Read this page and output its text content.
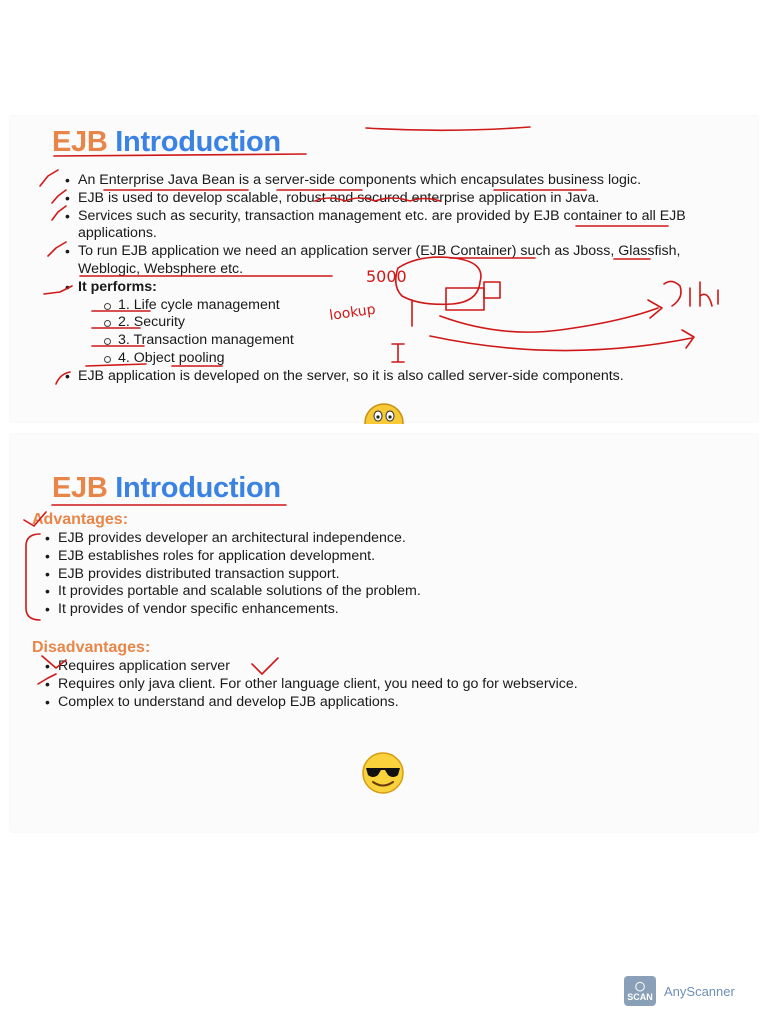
EJB Introduction
• An Enterprise Java Bean is a server-side components which encapsulates business logic.
• EJB is used to develop scalable, robust and secured enterprise application in Java.
• Services such as security, transaction management etc. are provided by EJB container to all EJB applications.
• To run EJB application we need an application server (EJB Container) such as Jboss, Glassfish, Weblogic, Websphere etc.
• It performs:
1. Life cycle management
2. Security
3. Transaction management
4. Object pooling
• EJB application is developed on the server, so it is also called server-side components.
EJB Introduction
Advantages:
• EJB provides developer an architectural independence.
• EJB establishes roles for application development.
• EJB provides distributed transaction support.
• It provides portable and scalable solutions of the problem.
• It provides of vendor specific enhancements.
Disadvantages:
• Requires application server
• Requires only java client. For other language client, you need to go for webservice.
• Complex to understand and develop EJB applications.
5000
lookup
◯
SCAN AnyScanner
